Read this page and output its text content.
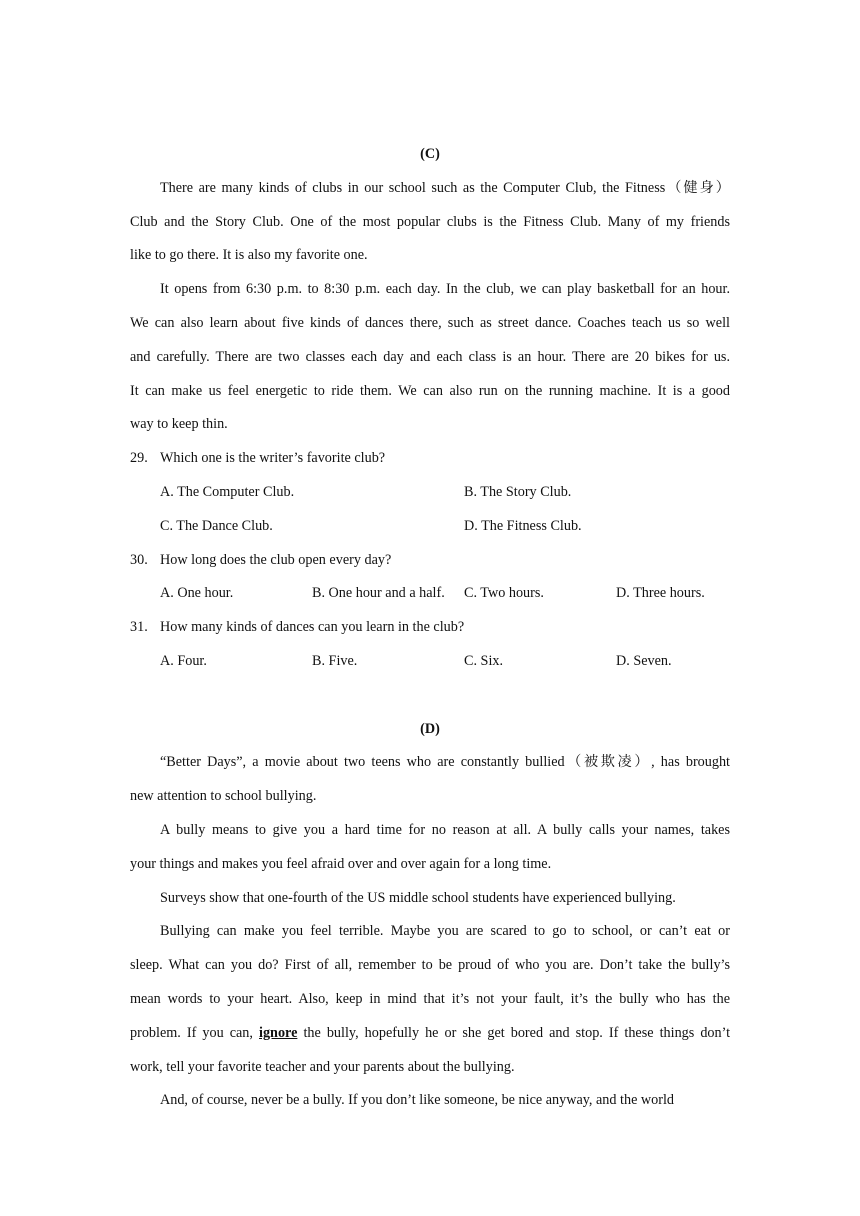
(C)
There are many kinds of clubs in our school such as the Computer Club, the Fitness（健身）
Club and the Story Club. One of the most popular clubs is the Fitness Club. Many of my friends
like to go there. It is also my favorite one.
It opens from 6:30 p.m. to 8:30 p.m. each day. In the club, we can play basketball for an hour.
We can also learn about five kinds of dances there, such as street dance. Coaches teach us so well
and carefully. There are two classes each day and each class is an hour. There are 20 bikes for us.
It can make us feel energetic to ride them. We can also run on the running machine. It is a good
way to keep thin.
29. Which one is the writer’s favorite club?
A. The Computer Club.	B. The Story Club.
C. The Dance Club.	D. The Fitness Club.
30. How long does the club open every day?
A. One hour.	B. One hour and a half.	C. Two hours.	D. Three hours.
31. How many kinds of dances can you learn in the club?
A. Four.	B. Five.	C. Six.	D. Seven.
(D)
“Better Days”, a movie about two teens who are constantly bullied（被欺凌）, has brought
new attention to school bullying.
A bully means to give you a hard time for no reason at all. A bully calls your names, takes
your things and makes you feel afraid over and over again for a long time.
Surveys show that one-fourth of the US middle school students have experienced bullying.
Bullying can make you feel terrible. Maybe you are scared to go to school, or can’t eat or
sleep. What can you do? First of all, remember to be proud of who you are. Don’t take the bully’s
mean words to your heart. Also, keep in mind that it’s not your fault, it’s the bully who has the
problem. If you can, ignore the bully, hopefully he or she get bored and stop. If these things don’t
work, tell your favorite teacher and your parents about the bullying.
And, of course, never be a bully. If you don’t like someone, be nice anyway, and the world
